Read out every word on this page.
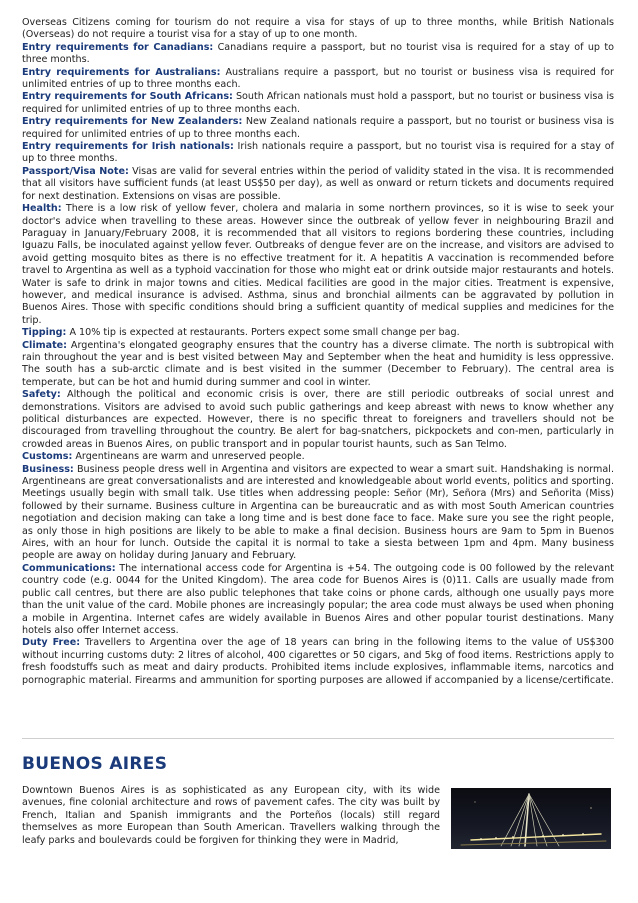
Overseas Citizens coming for tourism do not require a visa for stays of up to three months, while British Nationals (Overseas) do not require a tourist visa for a stay of up to one month.

Entry requirements for Canadians: Canadians require a passport, but no tourist visa is required for a stay of up to three months.

Entry requirements for Australians: Australians require a passport, but no tourist or business visa is required for unlimited entries of up to three months each.

Entry requirements for South Africans: South African nationals must hold a passport, but no tourist or business visa is required for unlimited entries of up to three months each.

Entry requirements for New Zealanders: New Zealand nationals require a passport, but no tourist or business visa is required for unlimited entries of up to three months each.

Entry requirements for Irish nationals: Irish nationals require a passport, but no tourist visa is required for a stay of up to three months.

Passport/Visa Note: Visas are valid for several entries within the period of validity stated in the visa. It is recommended that all visitors have sufficient funds (at least US$50 per day), as well as onward or return tickets and documents required for next destination. Extensions on visas are possible.

Health: There is a low risk of yellow fever, cholera and malaria in some northern provinces, so it is wise to seek your doctor's advice when travelling to these areas. However since the outbreak of yellow fever in neighbouring Brazil and Paraguay in January/February 2008, it is recommended that all visitors to regions bordering these countries, including Iguazu Falls, be inoculated against yellow fever. Outbreaks of dengue fever are on the increase, and visitors are advised to avoid getting mosquito bites as there is no effective treatment for it. A hepatitis A vaccination is recommended before travel to Argentina as well as a typhoid vaccination for those who might eat or drink outside major restaurants and hotels. Water is safe to drink in major towns and cities. Medical facilities are good in the major cities. Treatment is expensive, however, and medical insurance is advised. Asthma, sinus and bronchial ailments can be aggravated by pollution in Buenos Aires. Those with specific conditions should bring a sufficient quantity of medical supplies and medicines for the trip.

Tipping: A 10% tip is expected at restaurants. Porters expect some small change per bag.

Climate: Argentina's elongated geography ensures that the country has a diverse climate. The north is subtropical with rain throughout the year and is best visited between May and September when the heat and humidity is less oppressive. The south has a sub-arctic climate and is best visited in the summer (December to February). The central area is temperate, but can be hot and humid during summer and cool in winter.

Safety: Although the political and economic crisis is over, there are still periodic outbreaks of social unrest and demonstrations. Visitors are advised to avoid such public gatherings and keep abreast with news to know whether any political disturbances are expected. However, there is no specific threat to foreigners and travellers should not be discouraged from travelling throughout the country. Be alert for bag-snatchers, pickpockets and con-men, particularly in crowded areas in Buenos Aires, on public transport and in popular tourist haunts, such as San Telmo.

Customs: Argentineans are warm and unreserved people.

Business: Business people dress well in Argentina and visitors are expected to wear a smart suit. Handshaking is normal. Argentineans are great conversationalists and are interested and knowledgeable about world events, politics and sporting. Meetings usually begin with small talk. Use titles when addressing people: Señor (Mr), Señora (Mrs) and Señorita (Miss) followed by their surname. Business culture in Argentina can be bureaucratic and as with most South American countries negotiation and decision making can take a long time and is best done face to face. Make sure you see the right people, as only those in high positions are likely to be able to make a final decision. Business hours are 9am to 5pm in Buenos Aires, with an hour for lunch. Outside the capital it is normal to take a siesta between 1pm and 4pm. Many business people are away on holiday during January and February.

Communications: The international access code for Argentina is +54. The outgoing code is 00 followed by the relevant country code (e.g. 0044 for the United Kingdom). The area code for Buenos Aires is (0)11. Calls are usually made from public call centres, but there are also public telephones that take coins or phone cards, although one usually pays more than the unit value of the card. Mobile phones are increasingly popular; the area code must always be used when phoning a mobile in Argentina. Internet cafes are widely available in Buenos Aires and other popular tourist destinations. Many hotels also offer Internet access.

Duty Free: Travellers to Argentina over the age of 18 years can bring in the following items to the value of US$300 without incurring customs duty: 2 litres of alcohol, 400 cigarettes or 50 cigars, and 5kg of food items. Restrictions apply to fresh foodstuffs such as meat and dairy products. Prohibited items include explosives, inflammable items, narcotics and pornographic material. Firearms and ammunition for sporting purposes are allowed if accompanied by a license/certificate.

BUENOS AIRES

Downtown Buenos Aires is as sophisticated as any European city, with its wide avenues, fine colonial architecture and rows of pavement cafes. The city was built by French, Italian and Spanish immigrants and the Porteños (locals) still regard themselves as more European than South American. Travellers walking through the leafy parks and boulevards could be forgiven for thinking they were in Madrid,
